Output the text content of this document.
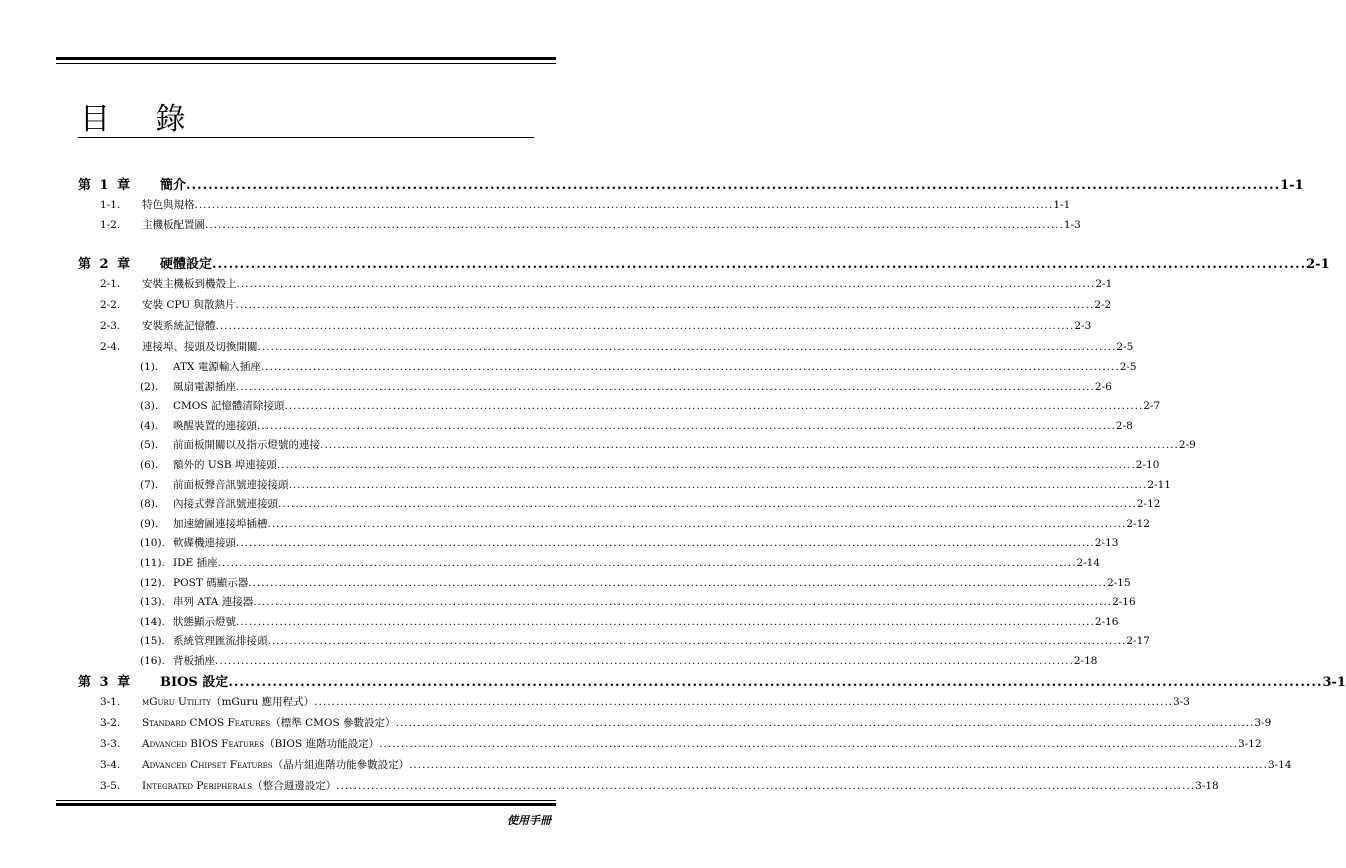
目 錄
第 1 章	簡介 ...................................................................................................................................................................................................... 1-1
1-1.	特色與規格 ...................................................................................................................................................................................................... 1-1
1-2.	主機板配置圖 ...................................................................................................................................................................................................... 1-3
第 2 章	硬體設定 ...................................................................................................................................................................................................... 2-1
2-1.	安裝主機板到機殼上 ...................................................................................................................................................................................................... 2-1
2-2.	安裝 CPU 與散熱片 ...................................................................................................................................................................................................... 2-2
2-3.	安裝系統記憶體 ...................................................................................................................................................................................................... 2-3
2-4.	連接埠、接頭及切換開關 ...................................................................................................................................................................................................... 2-5
(1).	ATX 電源輸入插座 ...................................................................................................................................................................................................... 2-5
(2).	風扇電源插座 ...................................................................................................................................................................................................... 2-6
(3).	CMOS 記憶體清除接頭 ...................................................................................................................................................................................................... 2-7
(4).	喚醒裝置的連接頭 ...................................................................................................................................................................................................... 2-8
(5).	前面板開關以及指示燈號的連接 ...................................................................................................................................................................................................... 2-9
(6).	額外的 USB 埠連接頭 ...................................................................................................................................................................................................... 2-10
(7).	前面板聲音訊號連接接頭 ...................................................................................................................................................................................................... 2-11
(8).	內接式聲音訊號連接頭 ...................................................................................................................................................................................................... 2-12
(9).	加速繪圖連接埠插槽 ...................................................................................................................................................................................................... 2-12
(10). 軟碟機連接頭 ...................................................................................................................................................................................................... 2-13
(11). IDE 插座 ...................................................................................................................................................................................................... 2-14
(12). POST 碼顯示器 ...................................................................................................................................................................................................... 2-15
(13). 串列 ATA 連接器 ...................................................................................................................................................................................................... 2-16
(14). 狀態顯示燈號 ...................................................................................................................................................................................................... 2-16
(15). 系統管理匯流排接頭 ...................................................................................................................................................................................................... 2-17
(16). 背板插座 ...................................................................................................................................................................................................... 2-18
第 3 章	BIOS 設定 ...................................................................................................................................................................................................... 3-1
3-1.	mGuru Utility（mGuru 應用程式） ...................................................................................................................................................................................................... 3-3
3-2.	Standard CMOS Features（標準 CMOS 參數設定） ...................................................................................................................................................................................................... 3-9
3-3.	Advanced BIOS Features（BIOS 進階功能設定） ...................................................................................................................................................................................................... 3-12
3-4.	Advanced Chipset Features（晶片組進階功能參數設定） ...................................................................................................................................................................................................... 3-14
3-5.	Integrated Peripherals（整合週邊設定） ...................................................................................................................................................................................................... 3-18
使用手冊
